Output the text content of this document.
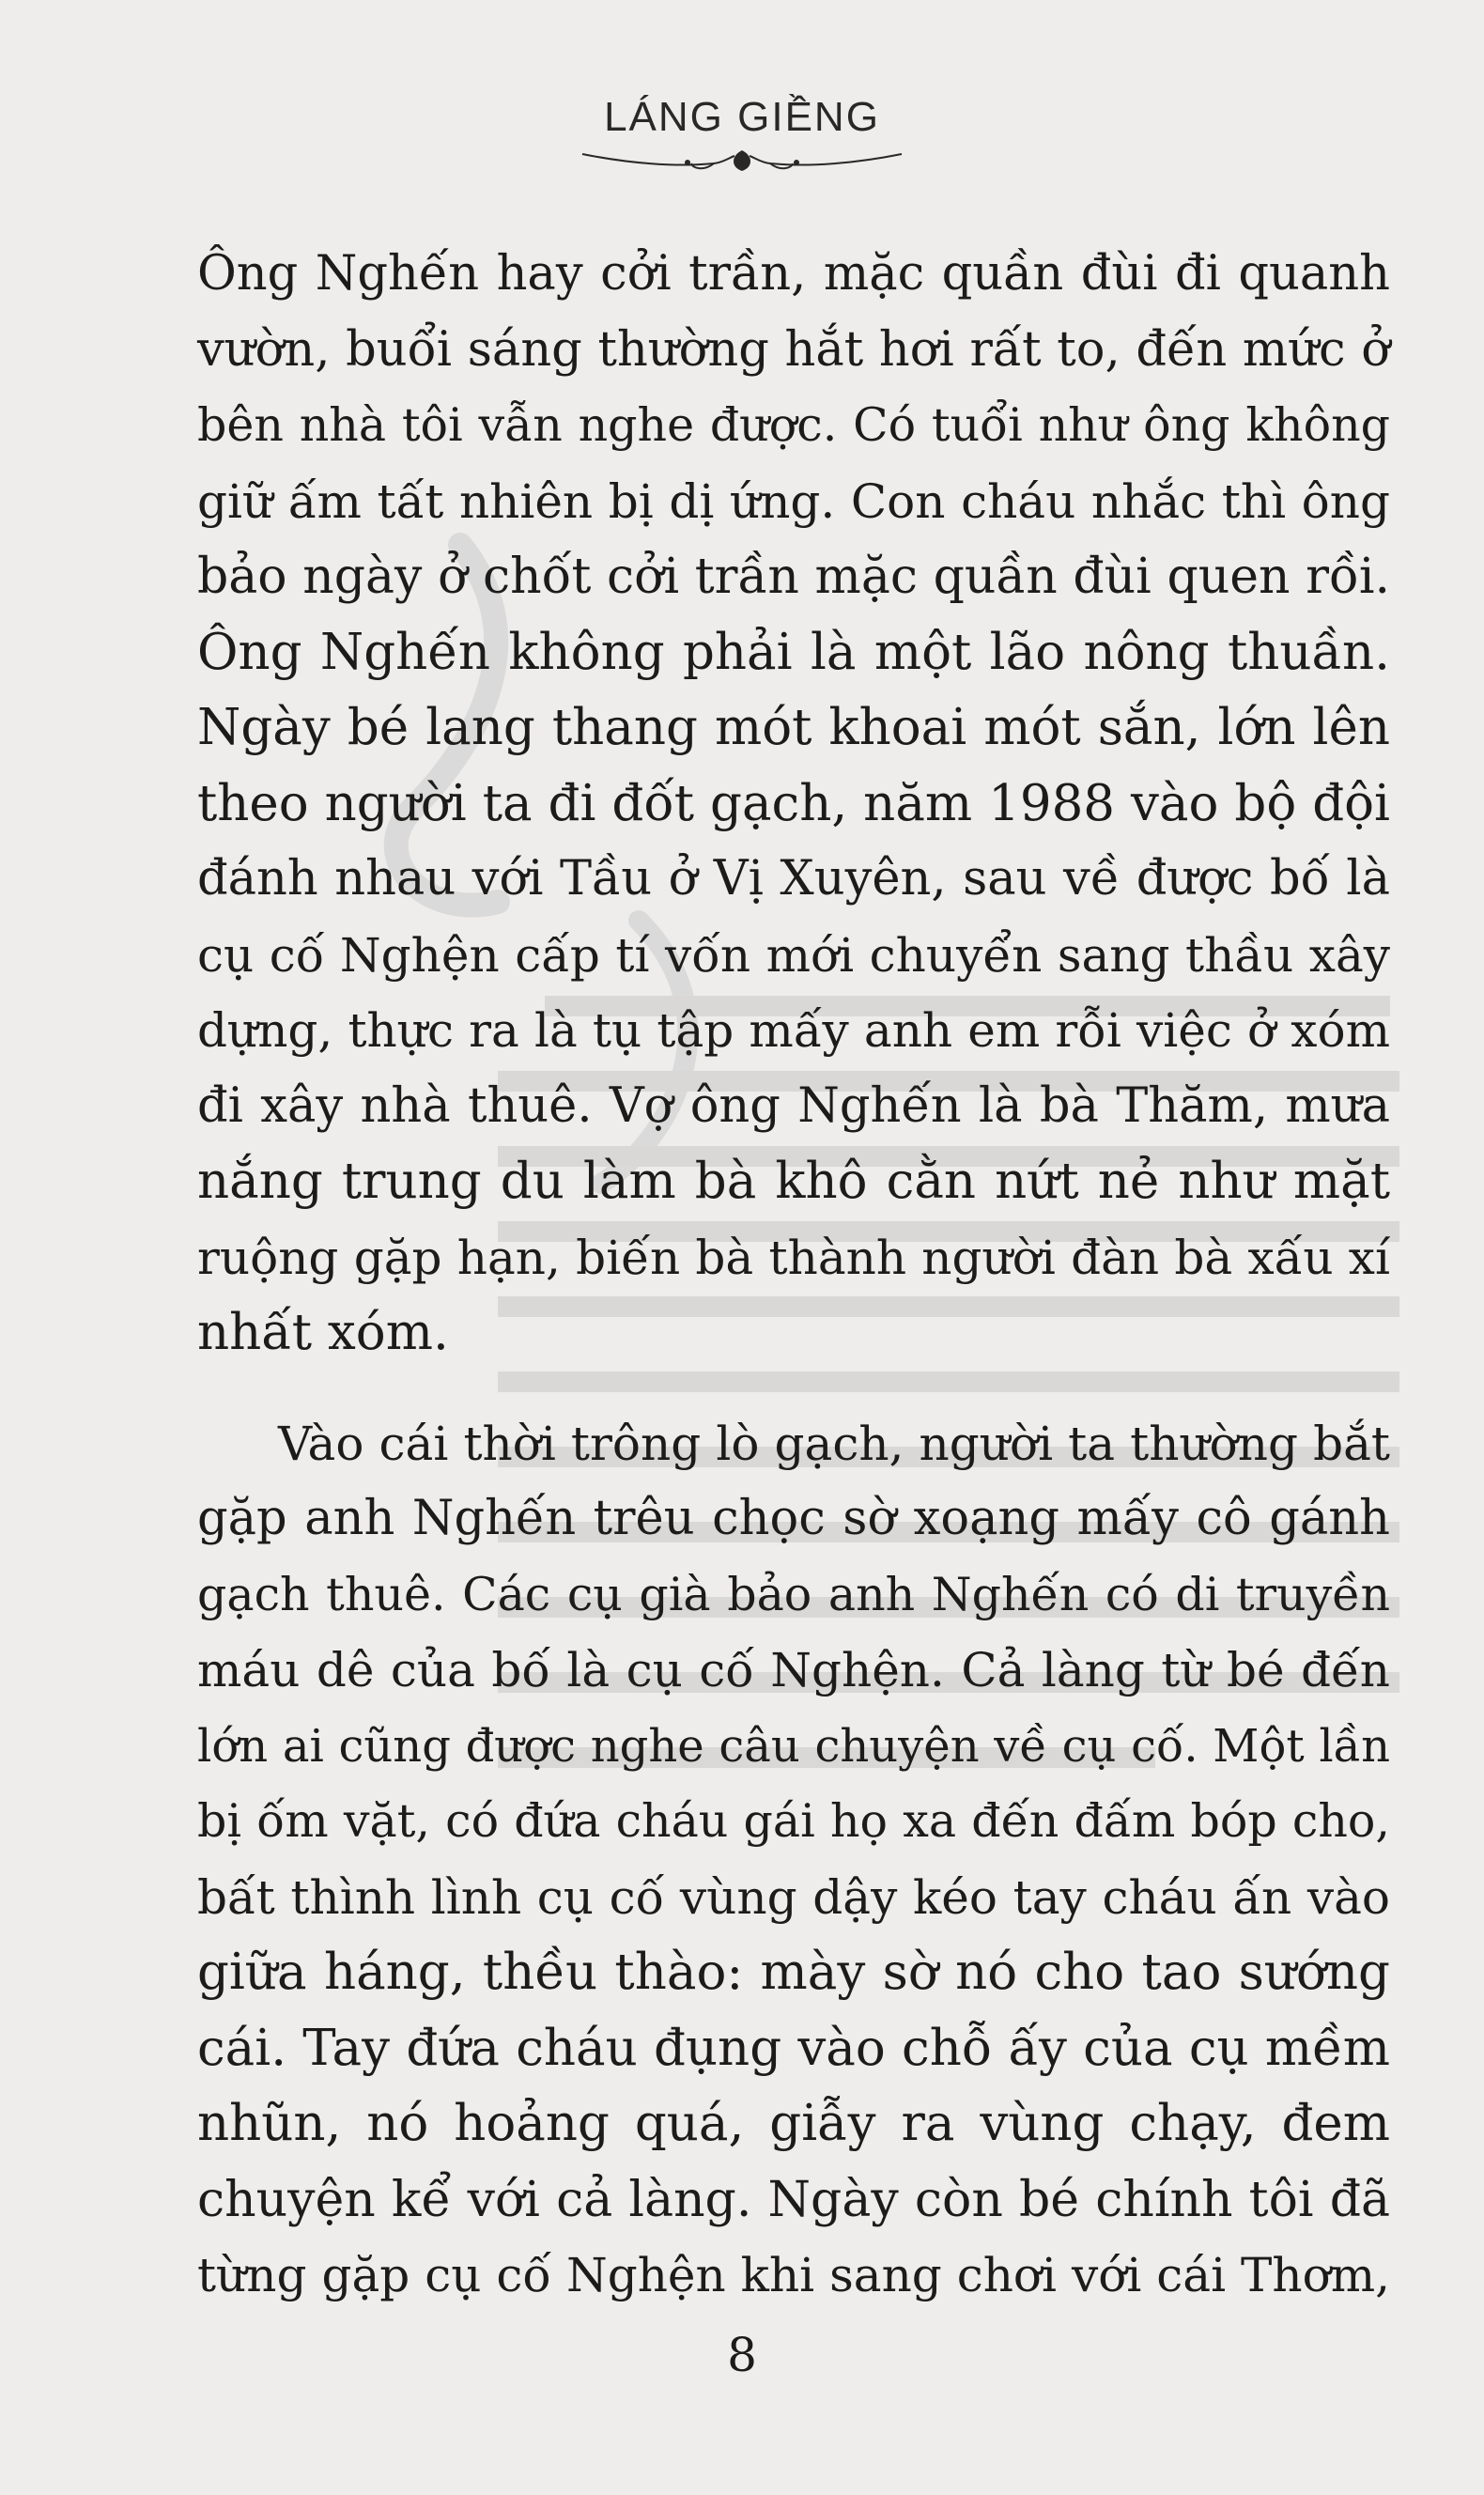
LÁNG GIỀNG
Ông Nghến hay cởi trần, mặc quần đùi đi quanh
vườn, buổi sáng thường hắt hơi rất to, đến mức ở
bên nhà tôi vẫn nghe được. Có tuổi như ông không
giữ ấm tất nhiên bị dị ứng. Con cháu nhắc thì ông
bảo ngày ở chốt cởi trần mặc quần đùi quen rồi.
Ông Nghến không phải là một lão nông thuần.
Ngày bé lang thang mót khoai mót sắn, lớn lên
theo người ta đi đốt gạch, năm 1988 vào bộ đội
đánh nhau với Tầu ở Vị Xuyên, sau về được bố là
cụ cố Nghện cấp tí vốn mới chuyển sang thầu xây
dựng, thực ra là tụ tập mấy anh em rỗi việc ở xóm
đi xây nhà thuê. Vợ ông Nghến là bà Thăm, mưa
nắng trung du làm bà khô cằn nứt nẻ như mặt
ruộng gặp hạn, biến bà thành người đàn bà xấu xí
nhất xóm.
Vào cái thời trông lò gạch, người ta thường bắt
gặp anh Nghến trêu chọc sờ xoạng mấy cô gánh
gạch thuê. Các cụ già bảo anh Nghến có di truyền
máu dê của bố là cụ cố Nghện. Cả làng từ bé đến
lớn ai cũng được nghe câu chuyện về cụ cố. Một lần
bị ốm vặt, có đứa cháu gái họ xa đến đấm bóp cho,
bất thình lình cụ cố vùng dậy kéo tay cháu ấn vào
giữa háng, thều thào: mày sờ nó cho tao sướng
cái. Tay đứa cháu đụng vào chỗ ấy của cụ mềm
nhũn, nó hoảng quá, giẫy ra vùng chạy, đem
chuyện kể với cả làng. Ngày còn bé chính tôi đã
từng gặp cụ cố Nghện khi sang chơi với cái Thơm,
8
